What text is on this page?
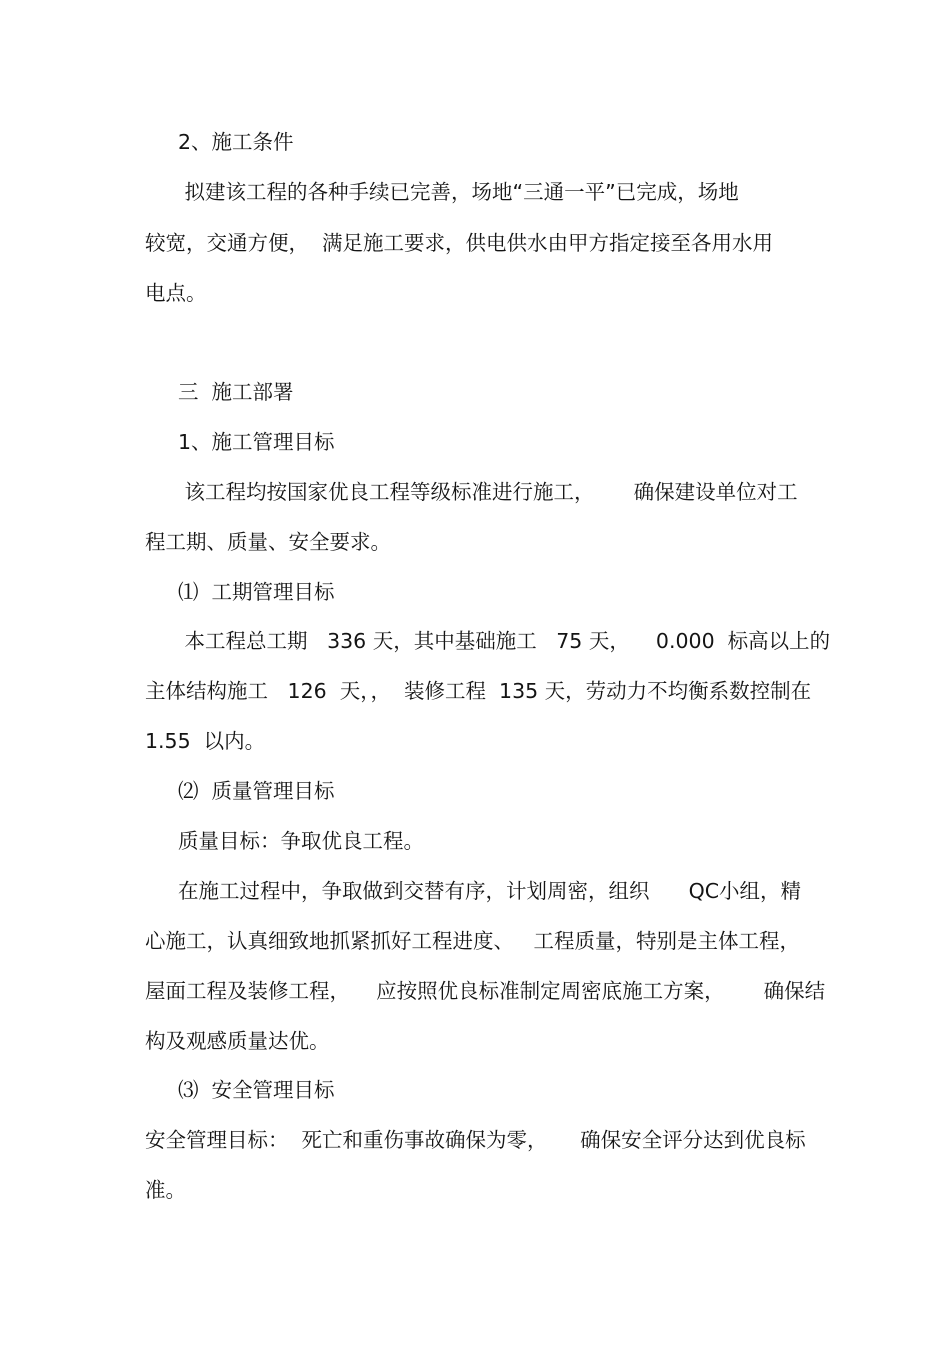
2、施工条件
拟建该工程的各种手续已完善，场地“三通一平”已完成，场地
较宽，交通方便，  满足施工要求，供电供水由甲方指定接至各用水用
电点。
三  施工部署
1、施工管理目标
该工程均按国家优良工程等级标准进行施工，      确保建设单位对工
程工期、质量、安全要求。
⑴  工期管理目标
本工程总工期   336 天，其中基础施工   75 天，    0.000  标高以上的
主体结构施工   126  天，，  装修工程  135 天，劳动力不均衡系数控制在
1.55  以内。
⑵  质量管理目标
质量目标：争取优良工程。
在施工过程中，争取做到交替有序，计划周密，组织      QC小组，精
心施工，认真细致地抓紧抓好工程进度、   工程质量，特别是主体工程，
屋面工程及装修工程，    应按照优良标准制定周密底施工方案，      确保结
构及观感质量达优。
⑶  安全管理目标
安全管理目标：  死亡和重伤事故确保为零，     确保安全评分达到优良标
准。
